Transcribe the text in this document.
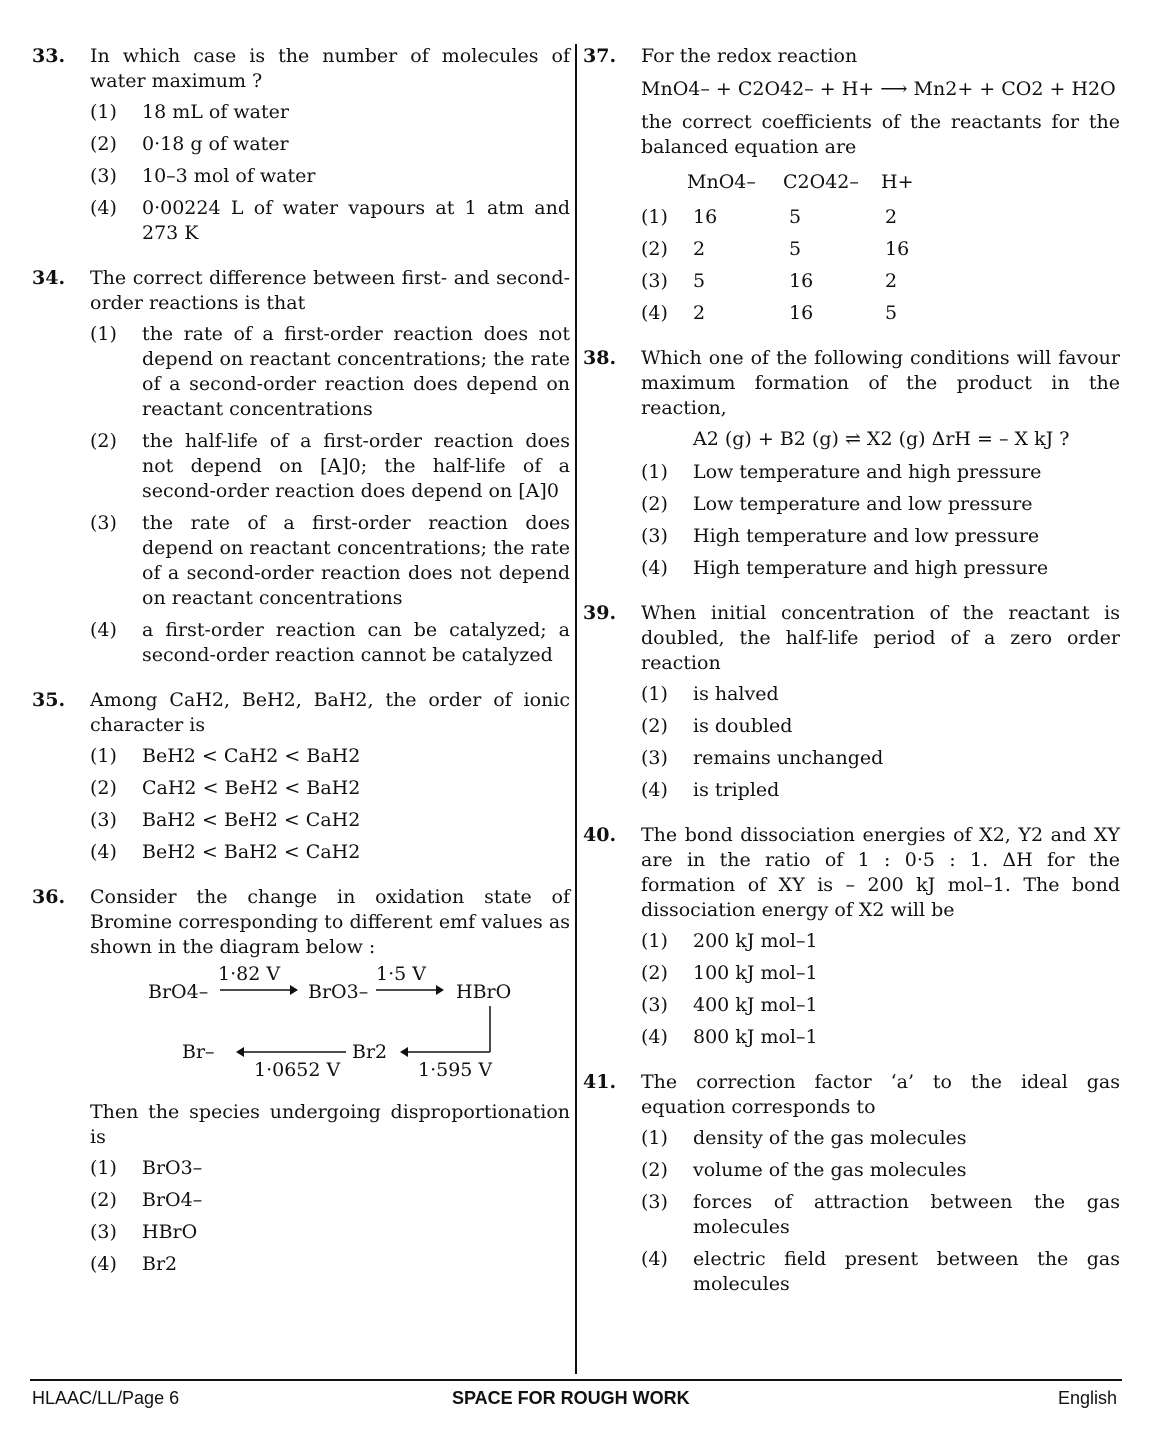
33.	In which case is the number of molecules of water maximum ?
(1)	18 mL of water
(2)	0·18 g of water
(3)	10–3 mol of water
(4)	0·00224 L of water vapours at 1 atm and 273 K
34.	The correct difference between first- and second-order reactions is that
(1)	the rate of a first-order reaction does not depend on reactant concentrations; the rate of a second-order reaction does depend on reactant concentrations
(2)	the half-life of a first-order reaction does not depend on [A]0; the half-life of a second-order reaction does depend on [A]0
(3)	the rate of a first-order reaction does depend on reactant concentrations; the rate of a second-order reaction does not depend on reactant concentrations
(4)	a first-order reaction can be catalyzed; a second-order reaction cannot be catalyzed
35.	Among CaH2, BeH2, BaH2, the order of ionic character is
(1)	BeH2 < CaH2 < BaH2
(2)	CaH2 < BeH2 < BaH2
(3)	BaH2 < BeH2 < CaH2
(4)	BeH2 < BaH2 < CaH2
36.	Consider the change in oxidation state of Bromine corresponding to different emf values as shown in the diagram below :
BrO4–
1·82 V
BrO3–
1·5 V
HBrO
Br–
1·0652 V
Br2
1·595 V
Then the species undergoing disproportionation is
(1)	BrO3–
(2)	BrO4–
(3)	HBrO
(4)	Br2
37.	For the redox reaction
MnO4– + C2O42– + H+ ⟶ Mn2+ + CO2 + H2O
the correct coefficients of the reactants for the balanced equation are
MnO4–	C2O42–	H+
(1)	16	5	2
(2)	2	5	16
(3)	5	16	2
(4)	2	16	5
38.	Which one of the following conditions will favour maximum formation of the product in the reaction,
A2 (g) + B2 (g) ⇌ X2 (g) ΔrH = – X kJ ?
(1)	Low temperature and high pressure
(2)	Low temperature and low pressure
(3)	High temperature and low pressure
(4)	High temperature and high pressure
39.	When initial concentration of the reactant is doubled, the half-life period of a zero order reaction
(1)	is halved
(2)	is doubled
(3)	remains unchanged
(4)	is tripled
40.	The bond dissociation energies of X2, Y2 and XY are in the ratio of 1 : 0·5 : 1. ΔH for the formation of XY is – 200 kJ mol–1. The bond dissociation energy of X2 will be
(1)	200 kJ mol–1
(2)	100 kJ mol–1
(3)	400 kJ mol–1
(4)	800 kJ mol–1
41.	The correction factor ‘a’ to the ideal gas equation corresponds to
(1)	density of the gas molecules
(2)	volume of the gas molecules
(3)	forces of attraction between the gas molecules
(4)	electric field present between the gas molecules
HLAAC/LL/Page 6	SPACE FOR ROUGH WORK	English
